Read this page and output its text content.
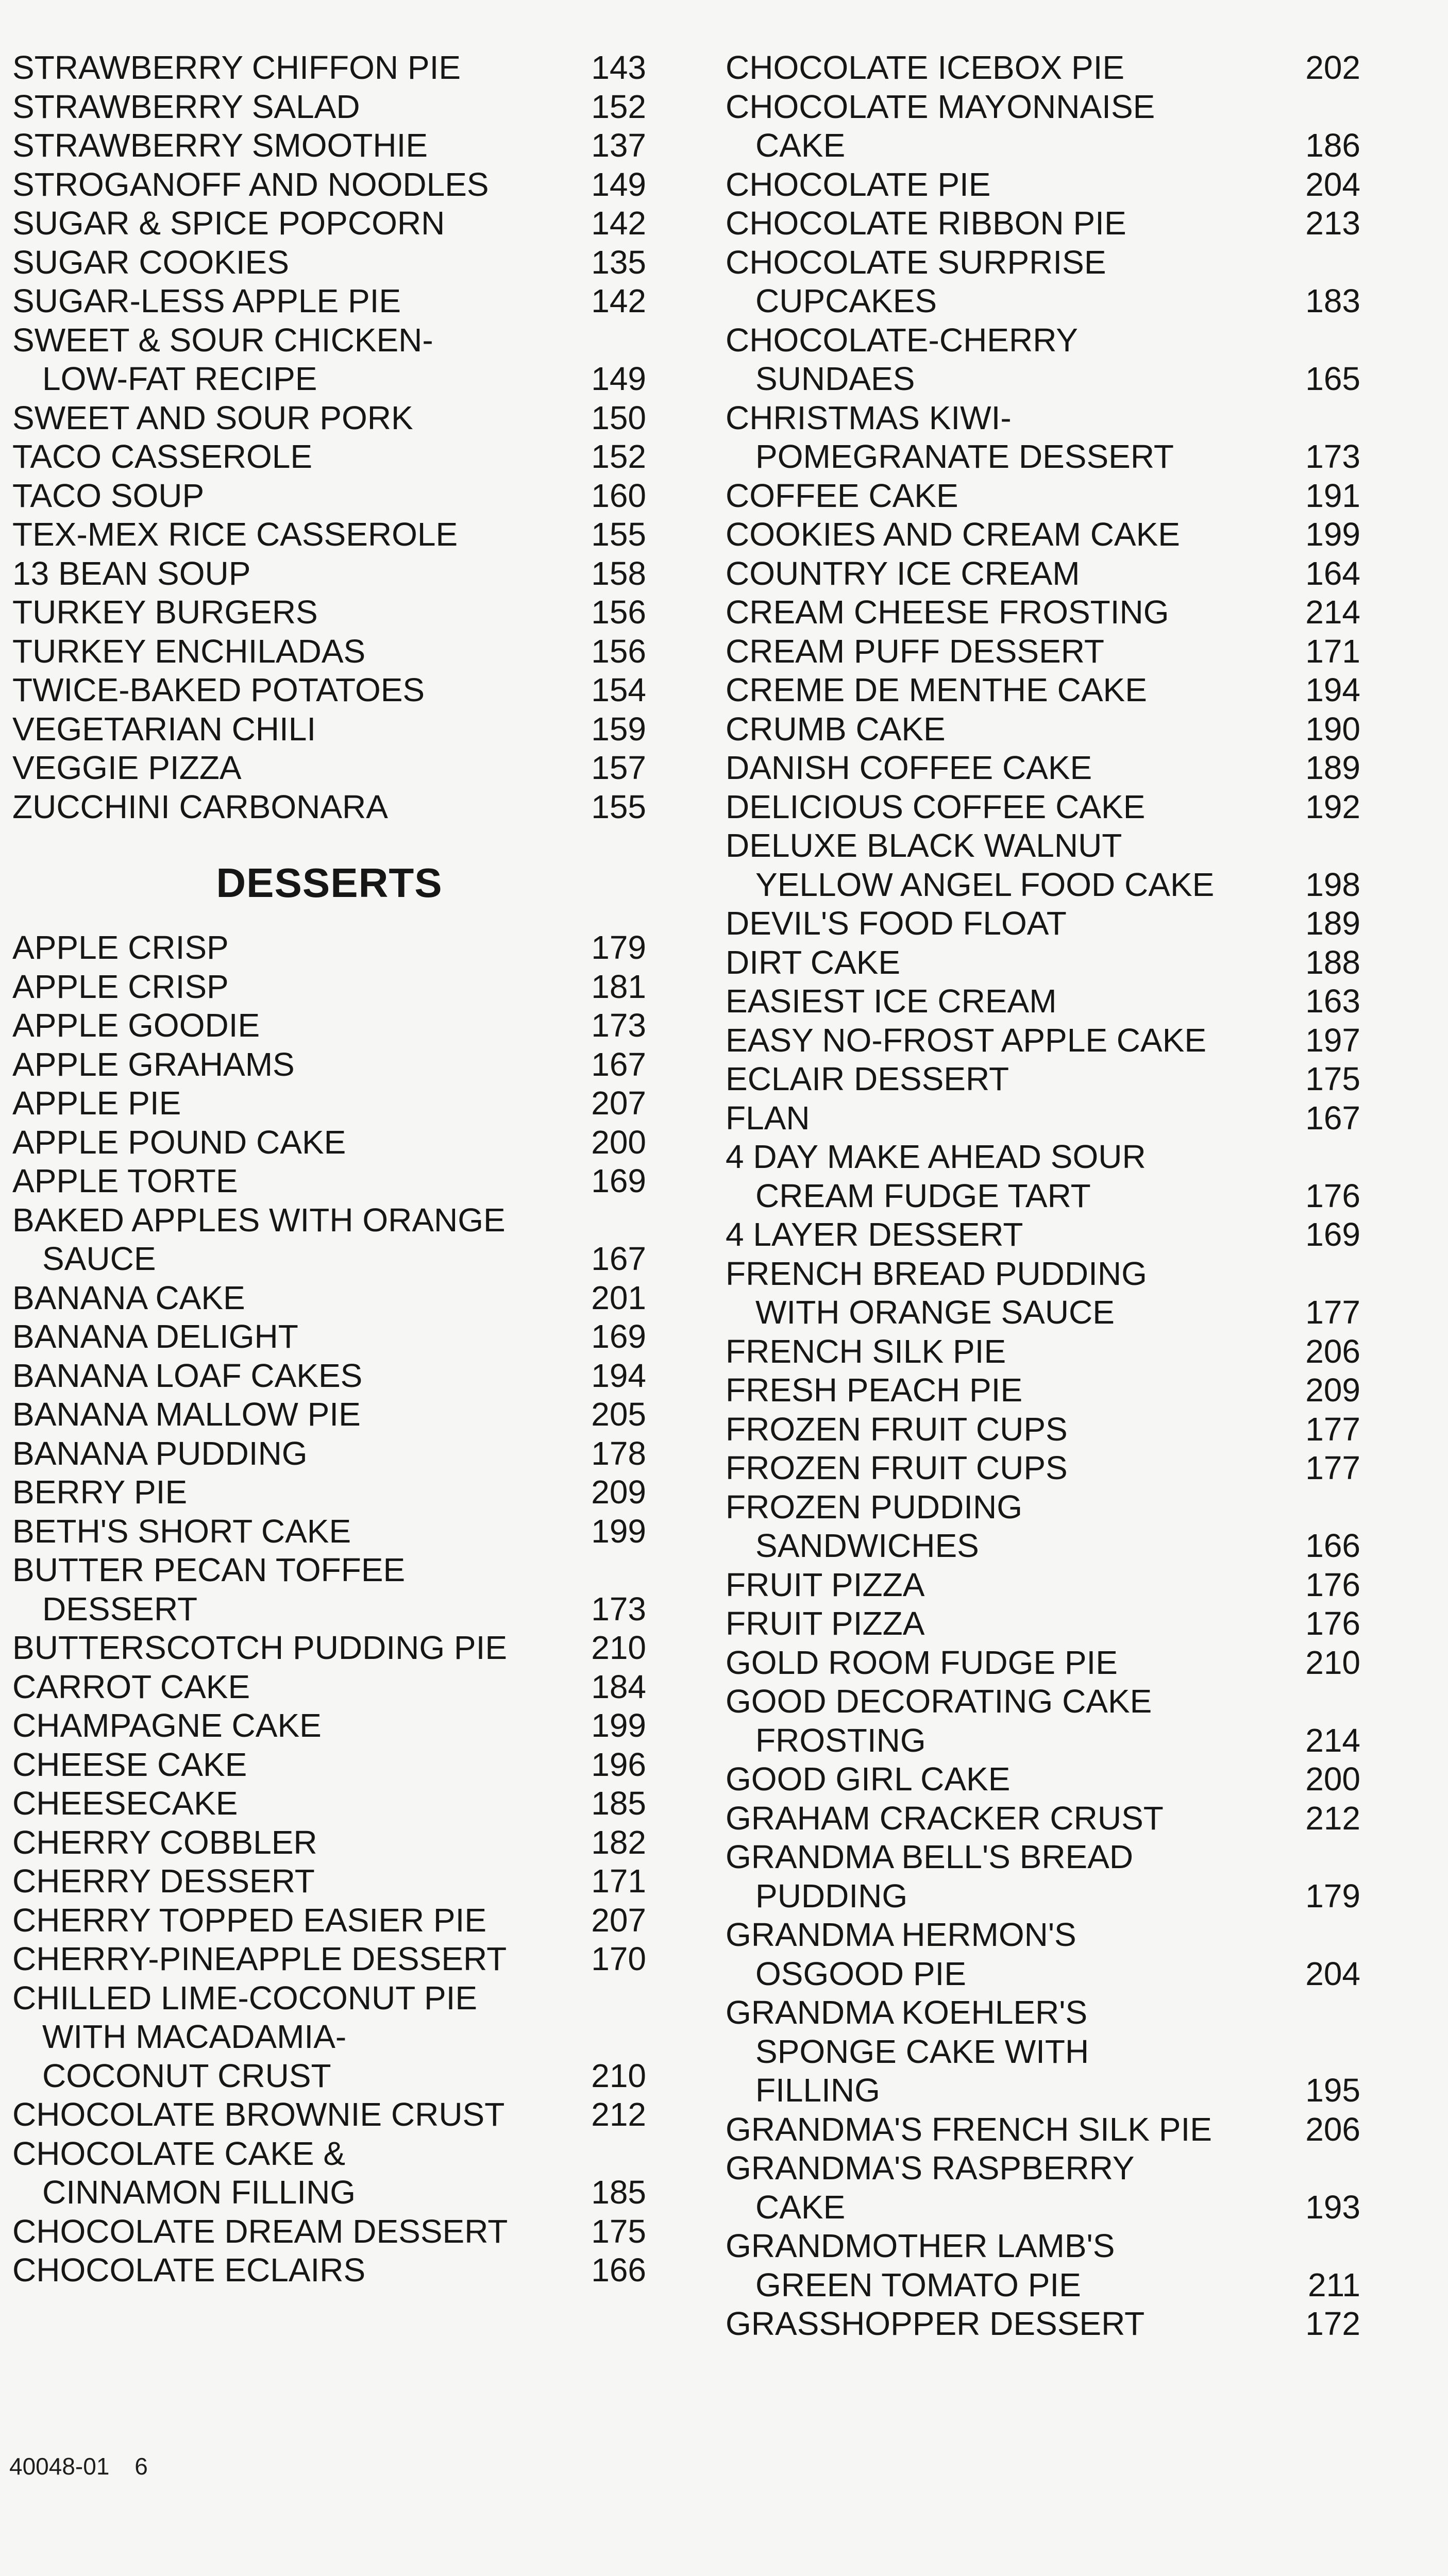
STRAWBERRY CHIFFON PIE	143
STRAWBERRY SALAD	152
STRAWBERRY SMOOTHIE	137
STROGANOFF AND NOODLES	149
SUGAR & SPICE POPCORN	142
SUGAR COOKIES	135
SUGAR-LESS APPLE PIE	142
SWEET & SOUR CHICKEN-
LOW-FAT RECIPE	149
SWEET AND SOUR PORK	150
TACO CASSEROLE	152
TACO SOUP	160
TEX-MEX RICE CASSEROLE	155
13 BEAN SOUP	158
TURKEY BURGERS	156
TURKEY ENCHILADAS	156
TWICE-BAKED POTATOES	154
VEGETARIAN CHILI	159
VEGGIE PIZZA	157
ZUCCHINI CARBONARA	155
DESSERTS
APPLE CRISP	179
APPLE CRISP	181
APPLE GOODIE	173
APPLE GRAHAMS	167
APPLE PIE	207
APPLE POUND CAKE	200
APPLE TORTE	169
BAKED APPLES WITH ORANGE
SAUCE	167
BANANA CAKE	201
BANANA DELIGHT	169
BANANA LOAF CAKES	194
BANANA MALLOW PIE	205
BANANA PUDDING	178
BERRY PIE	209
BETH'S SHORT CAKE	199
BUTTER PECAN TOFFEE
DESSERT	173
BUTTERSCOTCH PUDDING PIE	210
CARROT CAKE	184
CHAMPAGNE CAKE	199
CHEESE CAKE	196
CHEESECAKE	185
CHERRY COBBLER	182
CHERRY DESSERT	171
CHERRY TOPPED EASIER PIE	207
CHERRY-PINEAPPLE DESSERT	170
CHILLED LIME-COCONUT PIE
WITH MACADAMIA-
COCONUT CRUST	210
CHOCOLATE BROWNIE CRUST	212
CHOCOLATE CAKE &
CINNAMON FILLING	185
CHOCOLATE DREAM DESSERT	175
CHOCOLATE ECLAIRS	166
CHOCOLATE ICEBOX PIE	202
CHOCOLATE MAYONNAISE
CAKE	186
CHOCOLATE PIE	204
CHOCOLATE RIBBON PIE	213
CHOCOLATE SURPRISE
CUPCAKES	183
CHOCOLATE-CHERRY
SUNDAES	165
CHRISTMAS KIWI-
POMEGRANATE DESSERT	173
COFFEE CAKE	191
COOKIES AND CREAM CAKE	199
COUNTRY ICE CREAM	164
CREAM CHEESE FROSTING	214
CREAM PUFF DESSERT	171
CREME DE MENTHE CAKE	194
CRUMB CAKE	190
DANISH COFFEE CAKE	189
DELICIOUS COFFEE CAKE	192
DELUXE BLACK WALNUT
YELLOW ANGEL FOOD CAKE	198
DEVIL'S FOOD FLOAT	189
DIRT CAKE	188
EASIEST ICE CREAM	163
EASY NO-FROST APPLE CAKE	197
ECLAIR DESSERT	175
FLAN	167
4 DAY MAKE AHEAD SOUR
CREAM FUDGE TART	176
4 LAYER DESSERT	169
FRENCH BREAD PUDDING
WITH ORANGE SAUCE	177
FRENCH SILK PIE	206
FRESH PEACH PIE	209
FROZEN FRUIT CUPS	177
FROZEN FRUIT CUPS	177
FROZEN PUDDING
SANDWICHES	166
FRUIT PIZZA	176
FRUIT PIZZA	176
GOLD ROOM FUDGE PIE	210
GOOD DECORATING CAKE
FROSTING	214
GOOD GIRL CAKE	200
GRAHAM CRACKER CRUST	212
GRANDMA BELL'S BREAD
PUDDING	179
GRANDMA HERMON'S
OSGOOD PIE	204
GRANDMA KOEHLER'S
SPONGE CAKE WITH
FILLING	195
GRANDMA'S FRENCH SILK PIE	206
GRANDMA'S RASPBERRY
CAKE	193
GRANDMOTHER LAMB'S
GREEN TOMATO PIE	211
GRASSHOPPER DESSERT	172
40048-01 6
